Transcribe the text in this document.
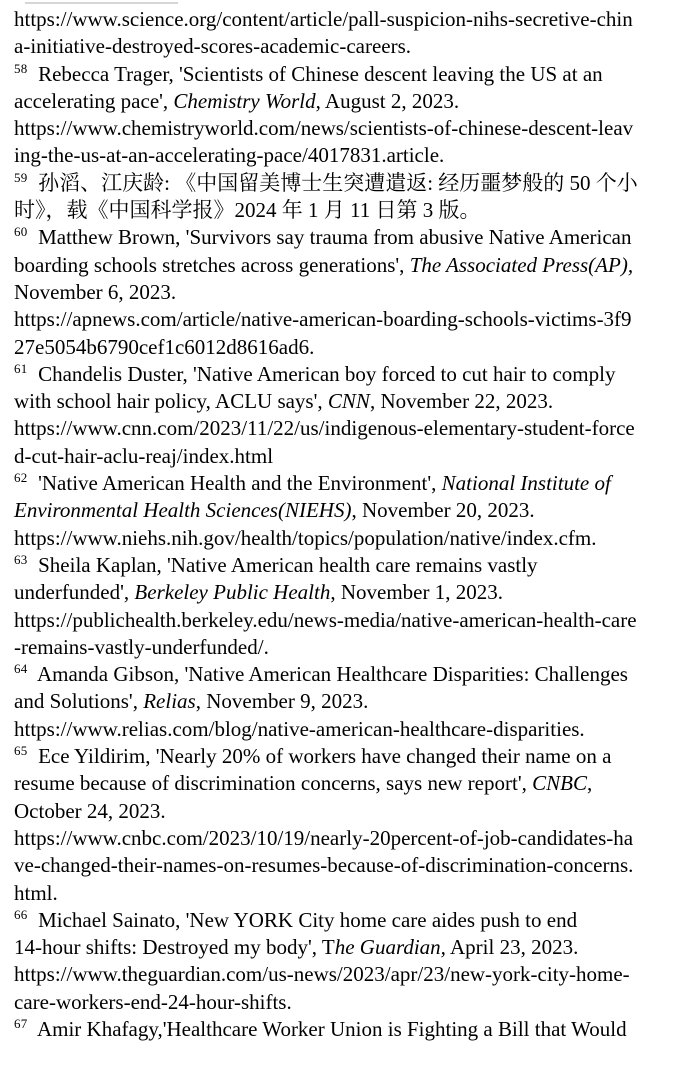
https://www.science.org/content/article/pall-suspicion-nihs-secretive-chin
a-initiative-destroyed-scores-academic-careers.
$^{58}$  Rebecca Trager, 'Scientists of Chinese descent leaving the US at an
accelerating pace', Chemistry World, August 2, 2023.
https://www.chemistryworld.com/news/scientists-of-chinese-descent-leav
ing-the-us-at-an-accelerating-pace/4017831.article.
$^{59}$  孙滔、江庆龄: 《中国留美博士生突遭遣返: 经历噩梦般的 50 个小
时》，载《中国科学报》2024 年 1 月 11 日第 3 版。
$^{60}$  Matthew Brown, 'Survivors say trauma from abusive Native American
boarding schools stretches across generations', The Associated Press(AP),
November 6, 2023.
https://apnews.com/article/native-american-boarding-schools-victims-3f9
27e5054b6790cef1c6012d8616ad6.
$^{61}$  Chandelis Duster, 'Native American boy forced to cut hair to comply
with school hair policy, ACLU says', CNN, November 22, 2023.
https://www.cnn.com/2023/11/22/us/indigenous-elementary-student-force
d-cut-hair-aclu-reaj/index.html
$^{62}$  'Native American Health and the Environment', National Institute of
Environmental Health Sciences(NIEHS), November 20, 2023.
https://www.niehs.nih.gov/health/topics/population/native/index.cfm.
$^{63}$  Sheila Kaplan, 'Native American health care remains vastly
underfunded', Berkeley Public Health, November 1, 2023.
https://publichealth.berkeley.edu/news-media/native-american-health-care
-remains-vastly-underfunded/.
$^{64}$  Amanda Gibson, 'Native American Healthcare Disparities: Challenges
and Solutions', Relias, November 9, 2023.
https://www.relias.com/blog/native-american-healthcare-disparities.
$^{65}$  Ece Yildirim, 'Nearly 20% of workers have changed their name on a
resume because of discrimination concerns, says new report', CNBC,
October 24, 2023.
https://www.cnbc.com/2023/10/19/nearly-20percent-of-job-candidates-ha
ve-changed-their-names-on-resumes-because-of-discrimination-concerns.
html.
$^{66}$  Michael Sainato, 'New YORK City home care aides push to end
14-hour shifts: Destroyed my body', The Guardian, April 23, 2023.
https://www.theguardian.com/us-news/2023/apr/23/new-york-city-home-
care-workers-end-24-hour-shifts.
$^{67}$  Amir Khafagy,'Healthcare Worker Union is Fighting a Bill that Would
